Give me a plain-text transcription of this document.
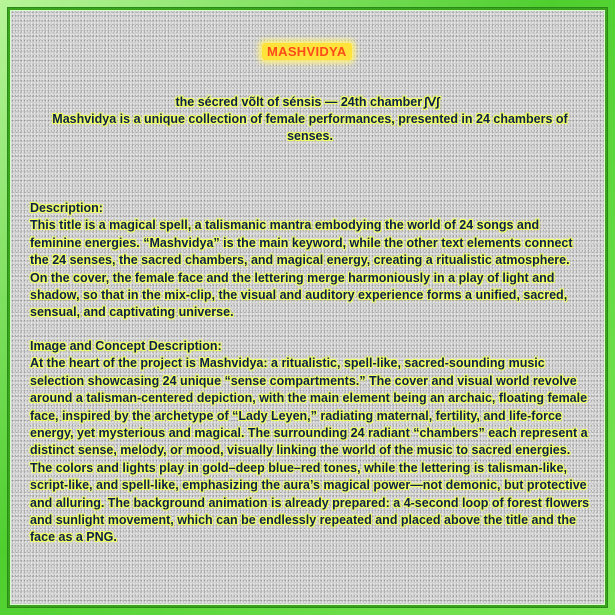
MASHVIDYA
the sécred võlt of sénsis — 24th chamber ∫ᐯ∫
Mashvidya is a unique collection of female performances, presented in 24 chambers of senses.

Description:

This title is a magical spell, a talismanic mantra embodying the world of 24 songs and feminine energies. “Mashvidya” is the main keyword, while the other text elements connect the 24 senses, the sacred chambers, and magical energy, creating a ritualistic atmosphere. On the cover, the female face and the lettering merge harmoniously in a play of light and shadow, so that in the mix-clip, the visual and auditory experience forms a unified, sacred, sensual, and captivating universe.

Image and Concept Description:

At the heart of the project is Mashvidya: a ritualistic, spell-like, sacred-sounding music selection showcasing 24 unique “sense compartments.” The cover and visual world revolve around a talisman-centered depiction, with the main element being an archaic, floating female face, inspired by the archetype of “Lady Leyen,” radiating maternal, fertility, and life-force energy, yet mysterious and magical. The surrounding 24 radiant “chambers” each represent a distinct sense, melody, or mood, visually linking the world of the music to sacred energies. The colors and lights play in gold–deep blue–red tones, while the lettering is talisman-like, script-like, and spell-like, emphasizing the aura’s magical power—not demonic, but protective and alluring. The background animation is already prepared: a 4-second loop of forest flowers and sunlight movement, which can be endlessly repeated and placed above the title and the face as a PNG.
